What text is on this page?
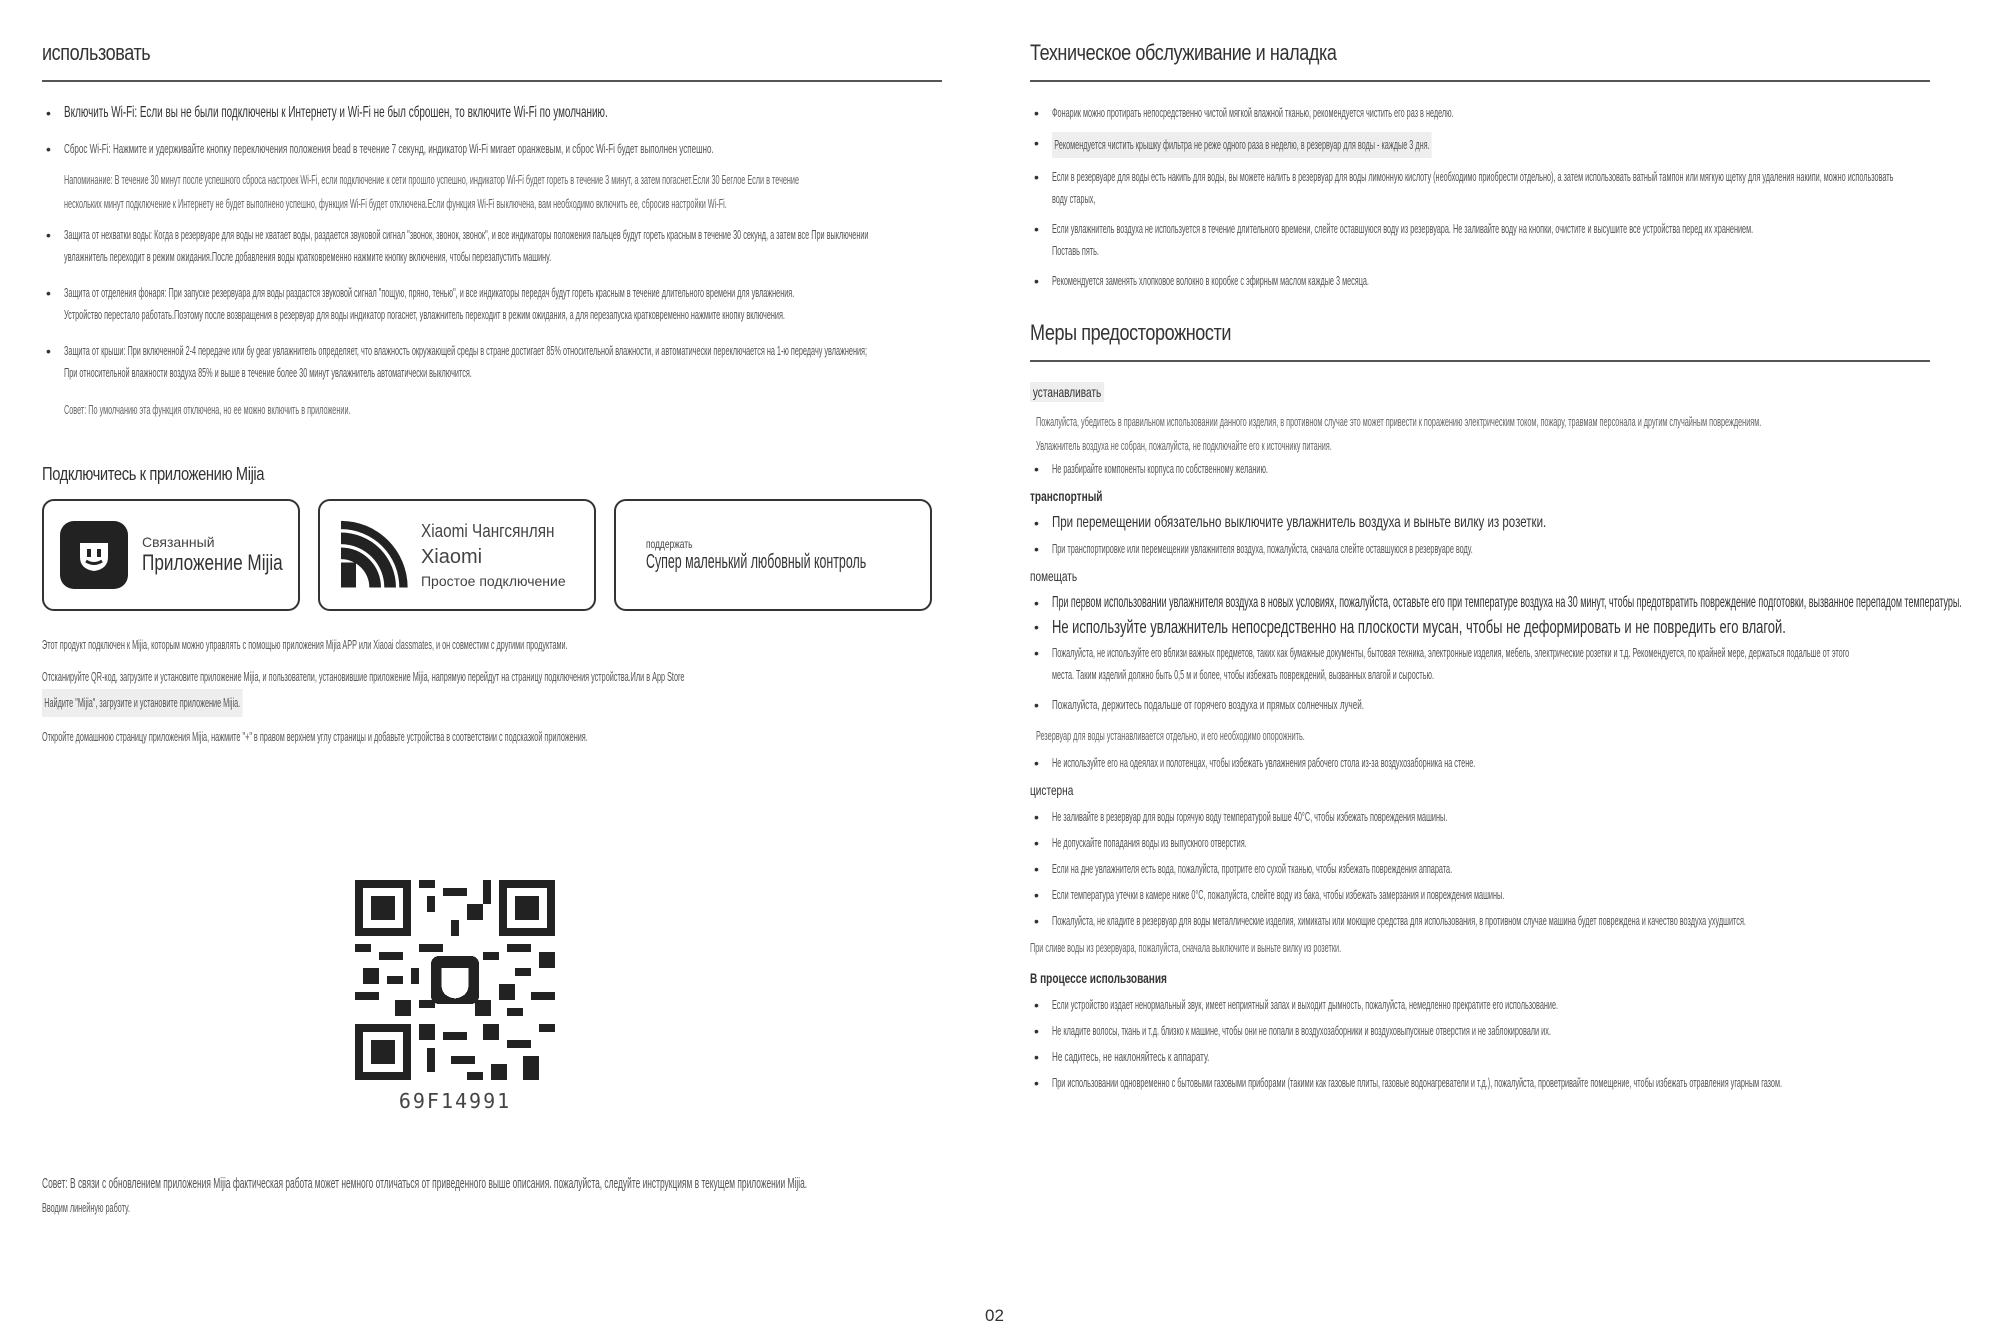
использовать
• Включить Wi-Fi: Если вы не были подключены к Интернету и Wi-Fi не был сброшен, то включите Wi-Fi по умолчанию.
• Сброс Wi-Fi: Нажмите и удерживайте кнопку переключения положения bead в течение 7 секунд, индикатор Wi-Fi мигает оранжевым, и сброс Wi-Fi будет выполнен успешно.
Напоминание: В течение 30 минут после успешного сброса настроек Wi-Fi, если подключение к сети прошло успешно, индикатор Wi-Fi будет гореть в течение 3 минут, а затем погаснет.Если 30 Беглое Если в течение
нескольких минут подключение к Интернету не будет выполнено успешно, функция Wi-Fi будет отключена.Если функция Wi-Fi выключена, вам необходимо включить ее, сбросив настройки Wi-Fi.
• Защита от нехватки воды: Когда в резервуаре для воды не хватает воды, раздается звуковой сигнал "звонок, звонок, звонок", и все индикаторы положения пальцев будут гореть красным в течение 30 секунд, а затем все При выключении
увлажнитель переходит в режим ожидания.После добавления воды кратковременно нажмите кнопку включения, чтобы перезапустить машину.
• Защита от отделения фонаря: При запуске резервуара для воды раздастся звуковой сигнал "пощую, пряно, тенью", и все индикаторы передач будут гореть красным в течение длительного времени для увлажнения.
Устройство перестало работать.Поэтому после возвращения в резервуар для воды индикатор погаснет, увлажнитель переходит в режим ожидания, а для перезапуска кратковременно нажмите кнопку включения.
• Защита от крыши: При включенной 2-4 передаче или бу gear увлажнитель определяет, что влажность окружающей среды в стране достигает 85% относительной влажности, и автоматически переключается на 1-ю передачу увлажнения;
При относительной влажности воздуха 85% и выше в течение более 30 минут увлажнитель автоматически выключится.
Совет: По умолчанию эта функция отключена, но ее можно включить в приложении.
Подключитесь к приложению Mijia
Связанный
Приложение Mijia
Xiaomi Чангсянлян
Xiaomi
Простое подключение
поддержать
Супер маленький любовный контроль
Этот продукт подключен к Mijia, которым можно управлять с помощью приложения Mijia APP или Xiaoai classmates, и он совместим с другими продуктами.
Отсканируйте QR-код, загрузите и установите приложение Mijia, и пользователи, установившие приложение Mijia, напрямую перейдут на страницу подключения устройства.Или в App Store
Найдите "Mijia", загрузите и установите приложение Mijia.
Откройте домашнюю страницу приложения Mijia, нажмите "+" в правом верхнем углу страницы и добавьте устройства в соответствии с подсказкой приложения.
Совет: В связи с обновлением приложения Mijia фактическая работа может немного отличаться от приведенного выше описания. пожалуйста, следуйте инструкциям в текущем приложении Mijia.
Вводим линейную работу.
69F14991
Техническое обслуживание и наладка
• Фонарик можно протирать непосредственно чистой мягкой влажной тканью, рекомендуется чистить его раз в неделю.
• Рекомендуется чистить крышку фильтра не реже одного раза в неделю, в резервуар для воды - каждые 3 дня.
• Если в резервуаре для воды есть накипь для воды, вы можете налить в резервуар для воды лимонную кислоту (необходимо приобрести отдельно), а затем использовать ватный тампон или мягкую щетку для удаления накипи, можно использовать
воду старых,
• Если увлажнитель воздуха не используется в течение длительного времени, слейте оставшуюся воду из резервуара. Не заливайте воду на кнопки, очистите и высушите все устройства перед их хранением.
Поставь пять.
• Рекомендуется заменять хлопковое волокно в коробке с эфирным маслом каждые 3 месяца.
Меры предосторожности
устанавливать
Пожалуйста, убедитесь в правильном использовании данного изделия, в противном случае это может привести к поражению электрическим током, пожару, травмам персонала и другим случайным повреждениям.
Увлажнитель воздуха не собран, пожалуйста, не подключайте его к источнику питания.
• Не разбирайте компоненты корпуса по собственному желанию.
транспортный
• При перемещении обязательно выключите увлажнитель воздуха и выньте вилку из розетки.
• При транспортировке или перемещении увлажнителя воздуха, пожалуйста, сначала слейте оставшуюся в резервуаре воду.
помещать
• При первом использовании увлажнителя воздуха в новых условиях, пожалуйста, оставьте его при температуре воздуха на 30 минут, чтобы предотвратить повреждение подготовки, вызванное перепадом температуры.
• Не используйте увлажнитель непосредственно на плоскости мусан, чтобы не деформировать и не повредить его влагой.
• Пожалуйста, не используйте его вблизи важных предметов, таких как бумажные документы, бытовая техника, электронные изделия, мебель, электрические розетки и т.д. Рекомендуется, по крайней мере, держаться подальше от этого
места. Таким изделий должно быть 0,5 м и более, чтобы избежать повреждений, вызванных влагой и сыростью.
• Пожалуйста, держитесь подальше от горячего воздуха и прямых солнечных лучей.
Резервуар для воды устанавливается отдельно, и его необходимо опорожнить.
• Не используйте его на одеялах и полотенцах, чтобы избежать увлажнения рабочего стола из-за воздухозаборника на стене.
цистерна
• Не заливайте в резервуар для воды горячую воду температурой выше 40°C, чтобы избежать повреждения машины.
• Не допускайте попадания воды из выпускного отверстия.
• Если на дне увлажнителя есть вода, пожалуйста, протрите его сухой тканью, чтобы избежать повреждения аппарата.
• Если температура утечки в камере ниже 0°C, пожалуйста, слейте воду из бака, чтобы избежать замерзания и повреждения машины.
• Пожалуйста, не кладите в резервуар для воды металлические изделия, химикаты или моющие средства для использования, в противном случае машина будет повреждена и качество воздуха ухудшится.
При сливе воды из резервуара, пожалуйста, сначала выключите и выньте вилку из розетки.
В процессе использования
• Если устройство издает ненормальный звук, имеет неприятный запах и выходит дымность, пожалуйста, немедленно прекратите его использование.
• Не кладите волосы, ткань и т.д. близко к машине, чтобы они не попали в воздухозаборники и воздуховыпускные отверстия и не заблокировали их.
• Не садитесь, не наклоняйтесь к аппарату.
• При использовании одновременно с бытовыми газовыми приборами (такими как газовые плиты, газовые водонагреватели и т.д.), пожалуйста, проветривайте помещение, чтобы избежать отравления угарным газом.
02
